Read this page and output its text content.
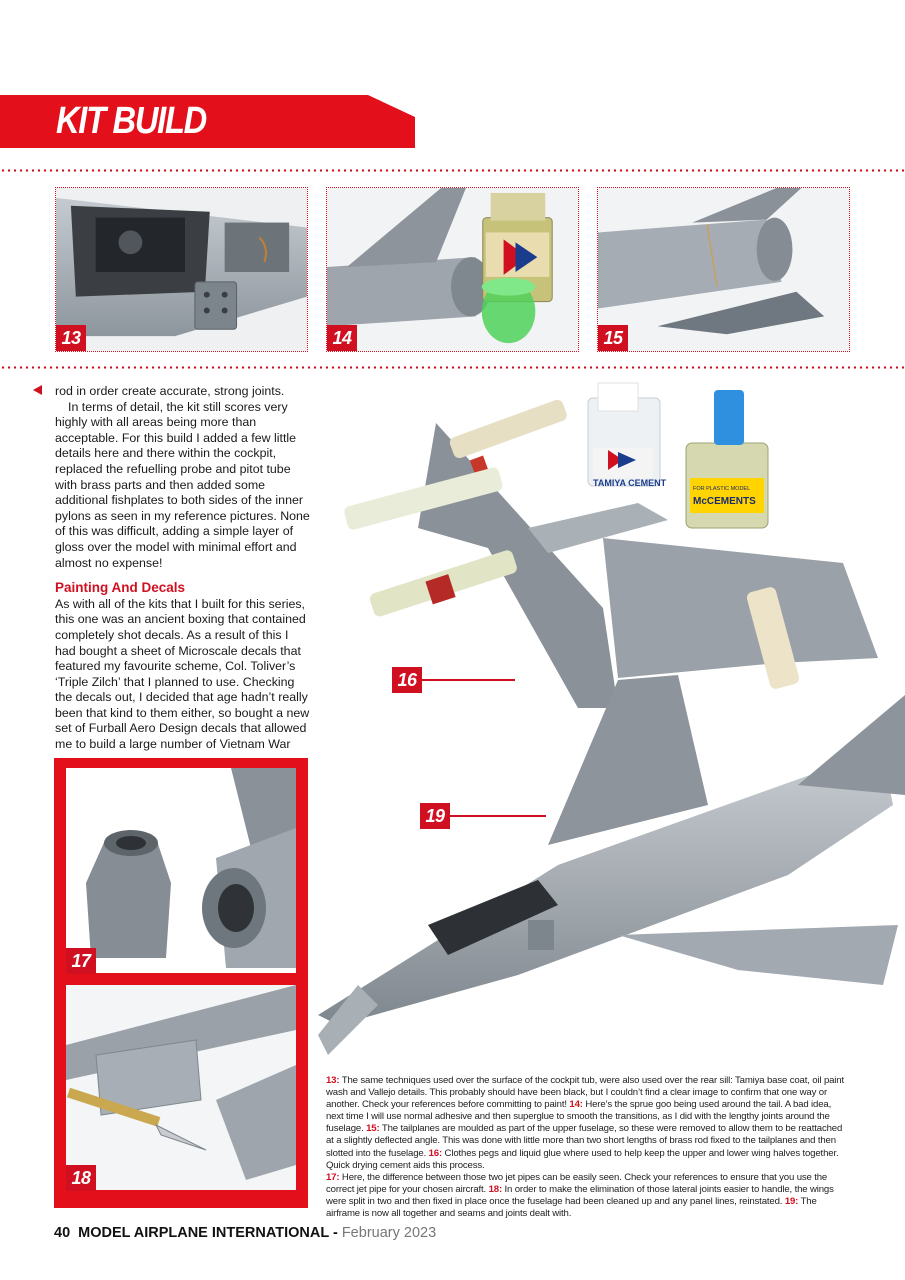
KIT BUILD
13	14	15
TAMIYA CEMENT
FOR PLASTIC MODEL
McCEMENTS
16
19

rod in order create accurate, strong joints.

In terms of detail, the kit still scores very highly with all areas being more than acceptable. For this build I added a few little details here and there within the cockpit, replaced the refuelling probe and pitot tube with brass parts and then added some additional fishplates to both sides of the inner pylons as seen in my reference pictures. None of this was difficult, adding a simple layer of gloss over the model with minimal effort and almost no expense!

Painting And Decals

As with all of the kits that I built for this series, this one was an ancient boxing that contained completely shot decals. As a result of this I had bought a sheet of Microscale decals that featured my favourite scheme, Col. Toliver’s ‘Triple Zilch’ that I planned to use. Checking the decals out, I decided that age hadn’t really been that kind to them either, so bought a new set of Furball Aero Design decals that allowed me to build a large number of Vietnam War

17
18
13: The same techniques used over the surface of the cockpit tub, were also used over the rear sill: Tamiya base coat, oil paint wash and Vallejo details. This probably should have been black, but I couldn’t find a clear image to confirm that one way or another. Check your references before committing to paint! 14: Here’s the sprue goo being used around the tail. A bad idea, next time I will use normal adhesive and then superglue to smooth the transitions, as I did with the lengthy joints around the fuselage. 15: The tailplanes are moulded as part of the upper fuselage, so these were removed to allow them to be reattached at a slightly deflected angle. This was done with little more than two short lengths of brass rod fixed to the tailplanes and then slotted into the fuselage. 16: Clothes pegs and liquid glue where used to help keep the upper and lower wing halves together. Quick drying cement aids this process.
17: Here, the difference between those two jet pipes can be easily seen. Check your references to ensure that you use the correct jet pipe for your chosen aircraft. 18: In order to make the elimination of those lateral joints easier to handle, the wings were split in two and then fixed in place once the fuselage had been cleaned up and any panel lines, reinstated. 19: The airframe is now all together and seams and joints dealt with.
40 MODEL AIRPLANE INTERNATIONAL - February 2023
